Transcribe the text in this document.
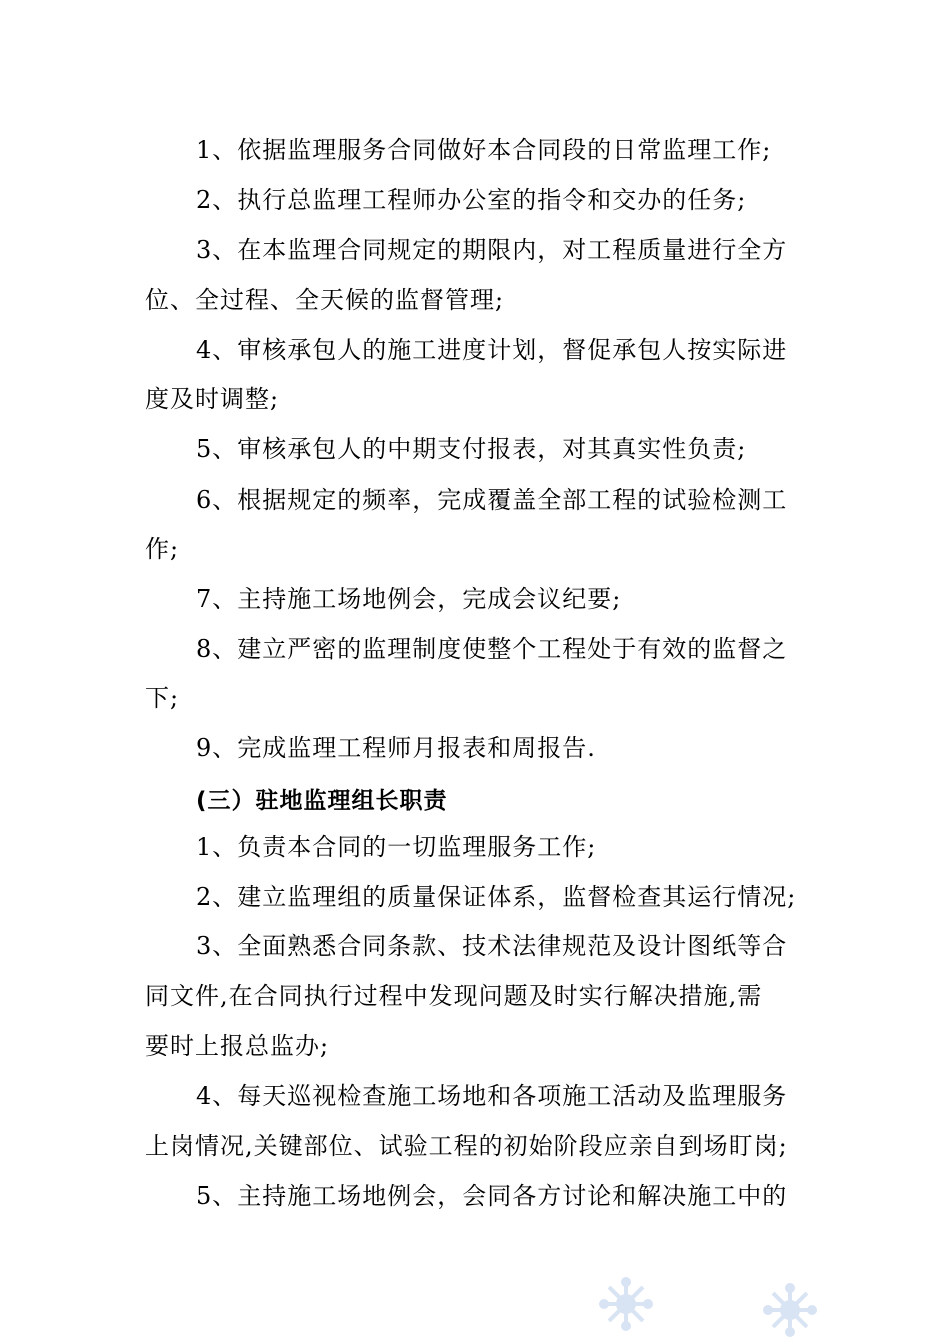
1、依据监理服务合同做好本合同段的日常监理工作;
2、执行总监理工程师办公室的指令和交办的任务;
3、在本监理合同规定的期限内，对工程质量进行全方
位、全过程、全天候的监督管理;
4、审核承包人的施工进度计划，督促承包人按实际进
度及时调整;
5、审核承包人的中期支付报表，对其真实性负责;
6、根据规定的频率，完成覆盖全部工程的试验检测工
作;
7、主持施工场地例会，完成会议纪要;
8、建立严密的监理制度使整个工程处于有效的监督之
下;
9、完成监理工程师月报表和周报告.
(三）驻地监理组长职责
1、负责本合同的一切监理服务工作;
2、建立监理组的质量保证体系，监督检查其运行情况;
3、全面熟悉合同条款、技术法律规范及设计图纸等合
同文件,在合同执行过程中发现问题及时实行解决措施,需
要时上报总监办;
4、每天巡视检查施工场地和各项施工活动及监理服务
上岗情况,关键部位、试验工程的初始阶段应亲自到场盯岗;
5、主持施工场地例会，会同各方讨论和解决施工中的
